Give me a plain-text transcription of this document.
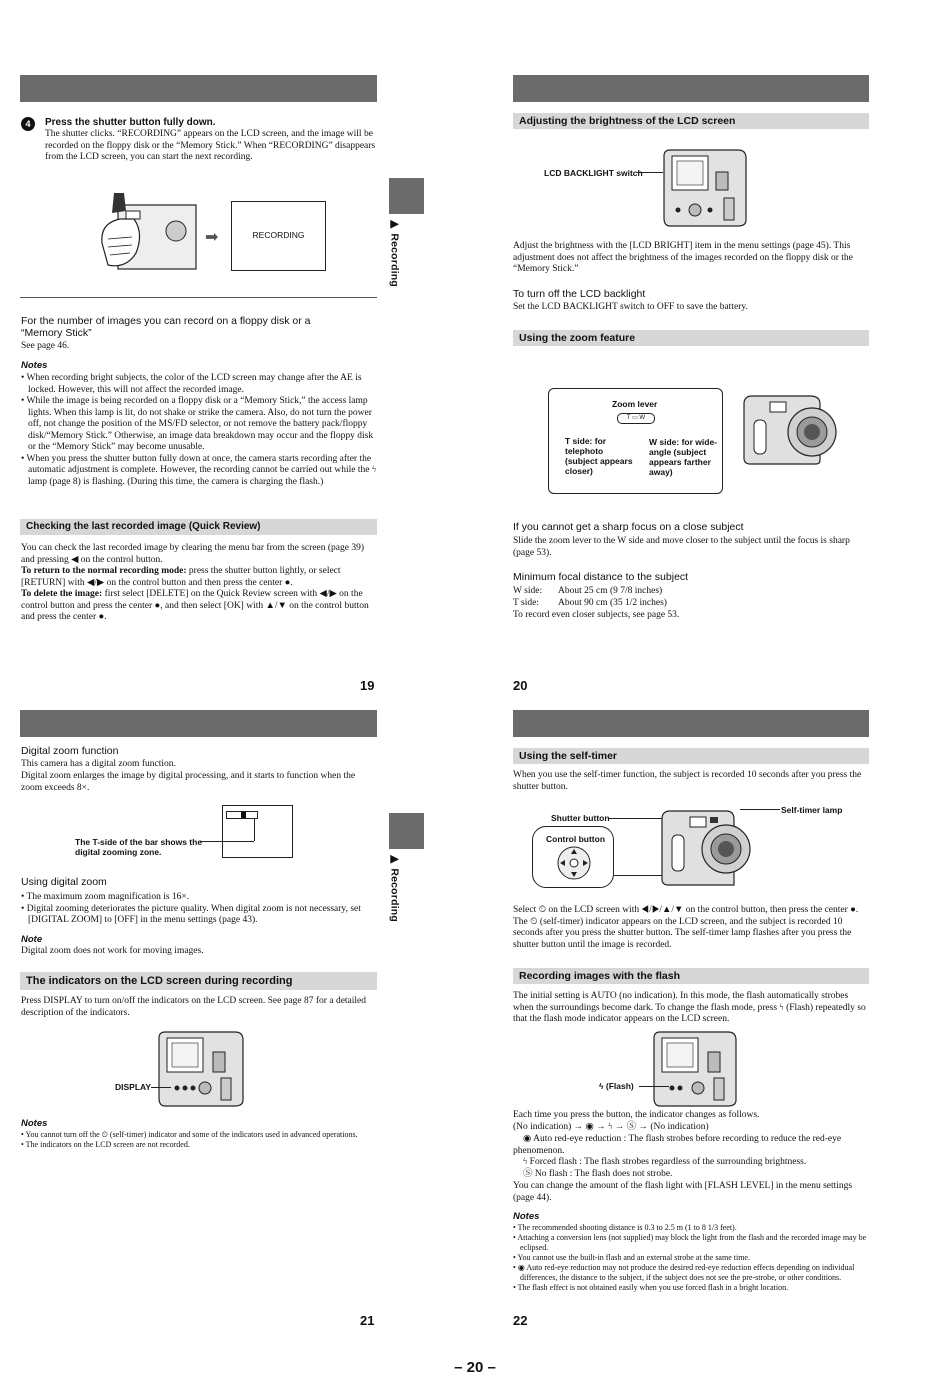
▶ Recording
4	Press the shutter button fully down.
The shutter clicks. “RECORDING” appears on the LCD screen, and the image will be recorded on the floppy disk or the “Memory Stick.” When “RECORDING” disappears from the LCD screen, you can start the next recording.
➡	RECORDING
For the number of images you can record on a floppy disk or a “Memory Stick”
See page 46.
Notes
• When recording bright subjects, the color of the LCD screen may change after the AE is locked. However, this will not affect the recorded image.
• While the image is being recorded on a floppy disk or a “Memory Stick,” the access lamp lights. When this lamp is lit, do not shake or strike the camera. Also, do not turn the power off, not change the position of the MS/FD selector, or not remove the battery pack/floppy disk/“Memory Stick.” Otherwise, an image data breakdown may occur and the floppy disk or the “Memory Stick” may become unusable.
• When you press the shutter button fully down at once, the camera starts recording after the automatic adjustment is complete. However, the recording cannot be carried out while the ϟ lamp (page 8) is flashing. (During this time, the camera is charging the flash.)
Checking the last recorded image (Quick Review)
You can check the last recorded image by clearing the menu bar from the screen (page 39) and pressing ◀ on the control button.
To return to the normal recording mode: press the shutter button lightly, or select [RETURN] with ◀/▶ on the control button and then press the center ●.
To delete the image: first select [DELETE] on the Quick Review screen with ◀/▶ on the control button and press the center ●, and then select [OK] with ▲/▼ on the control button and press the center ●.
19
Adjusting the brightness of the LCD screen
LCD BACKLIGHT switch
Adjust the brightness with the [LCD BRIGHT] item in the menu settings (page 45). This adjustment does not affect the brightness of the images recorded on the floppy disk or the “Memory Stick.”
To turn off the LCD backlight
Set the LCD BACKLIGHT switch to OFF to save the battery.
Using the zoom feature
Zoom lever
T ▭ W
T side: for telephoto (subject appears closer)
W side: for wide-angle (subject appears farther away)
If you cannot get a sharp focus on a close subject
Slide the zoom lever to the W side and move closer to the subject until the focus is sharp (page 53).
Minimum focal distance to the subject
W side: About 25 cm (9 7/8 inches)
T side: About 90 cm (35 1/2 inches)
To record even closer subjects, see page 53.
20
▶ Recording
Digital zoom function
This camera has a digital zoom function.
Digital zoom enlarges the image by digital processing, and it starts to function when the zoom exceeds 8×.
The T-side of the bar shows the digital zooming zone.
Using digital zoom
• The maximum zoom magnification is 16×.
• Digital zooming deteriorates the picture quality. When digital zoom is not necessary, set [DIGITAL ZOOM] to [OFF] in the menu settings (page 43).
Note
Digital zoom does not work for moving images.
The indicators on the LCD screen during recording
Press DISPLAY to turn on/off the indicators on the LCD screen. See page 87 for a detailed description of the indicators.
DISPLAY
Notes
• You cannot turn off the ⏲ (self-timer) indicator and some of the indicators used in advanced operations.
• The indicators on the LCD screen are not recorded.
21
Using the self-timer
When you use the self-timer function, the subject is recorded 10 seconds after you press the shutter button.
Shutter button
Self-timer lamp
Control button
Select ⏲ on the LCD screen with ◀/▶/▲/▼ on the control button, then press the center ●. The ⏲ (self-timer) indicator appears on the LCD screen, and the subject is recorded 10 seconds after you press the shutter button. The self-timer lamp flashes after you press the shutter button until the image is recorded.
Recording images with the flash
The initial setting is AUTO (no indication). In this mode, the flash automatically strobes when the surroundings become dark. To change the flash mode, press ϟ (Flash) repeatedly so that the flash mode indicator appears on the LCD screen.
ϟ (Flash)
Each time you press the button, the indicator changes as follows.
(No indication) → ◉ → ϟ → Ⓢ → (No indication)
◉ Auto red-eye reduction : The flash strobes before recording to reduce the red-eye phenomenon.
ϟ Forced flash : The flash strobes regardless of the surrounding brightness.
Ⓢ No flash : The flash does not strobe.
You can change the amount of the flash light with [FLASH LEVEL] in the menu settings (page 44).
Notes
• The recommended shooting distance is 0.3 to 2.5 m (1 to 8 1/3 feet).
• Attaching a conversion lens (not supplied) may block the light from the flash and the recorded image may be eclipsed.
• You cannot use the built-in flash and an external strobe at the same time.
• ◉ Auto red-eye reduction may not produce the desired red-eye reduction effects depending on individual differences, the distance to the subject, if the subject does not see the pre-strobe, or other conditions.
• The flash effect is not obtained easily when you use forced flash in a bright location.
22
– 20 –
